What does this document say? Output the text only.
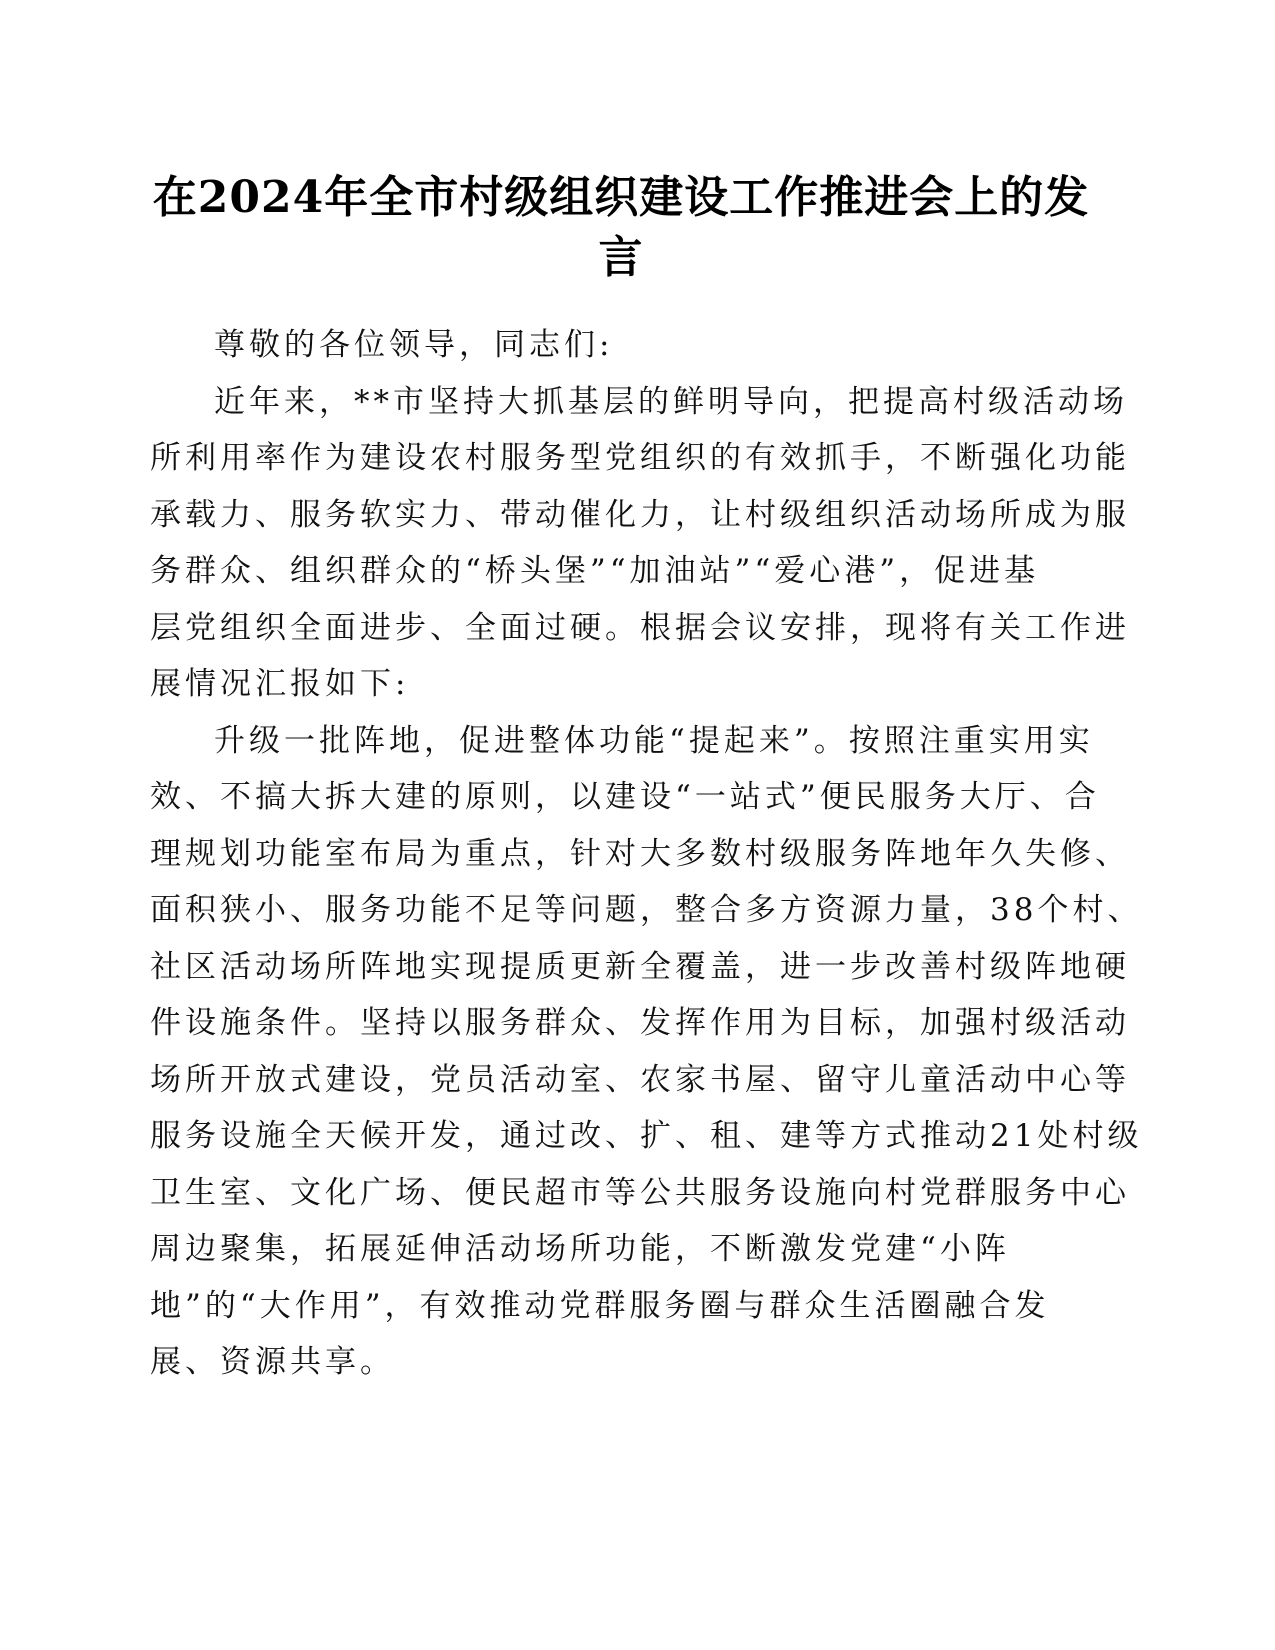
在2024年全市村级组织建设工作推进会上的发言
尊敬的各位领导，同志们:
近年来，**市坚持大抓基层的鲜明导向，把提高村级活动场
所利用率作为建设农村服务型党组织的有效抓手，不断强化功能
承载力、服务软实力、带动催化力，让村级组织活动场所成为服
务群众、组织群众的“桥头堡”“加油站”“爱心港”，促进基
层党组织全面进步、全面过硬。根据会议安排，现将有关工作进
展情况汇报如下:
升级一批阵地，促进整体功能“提起来”。按照注重实用实
效、不搞大拆大建的原则，以建设“一站式”便民服务大厅、合
理规划功能室布局为重点，针对大多数村级服务阵地年久失修、
面积狭小、服务功能不足等问题，整合多方资源力量，38个村、
社区活动场所阵地实现提质更新全覆盖，进一步改善村级阵地硬
件设施条件。坚持以服务群众、发挥作用为目标，加强村级活动
场所开放式建设，党员活动室、农家书屋、留守儿童活动中心等
服务设施全天候开发，通过改、扩、租、建等方式推动21处村级
卫生室、文化广场、便民超市等公共服务设施向村党群服务中心
周边聚集，拓展延伸活动场所功能，不断激发党建“小阵
地”的“大作用”，有效推动党群服务圈与群众生活圈融合发
展、资源共享。
